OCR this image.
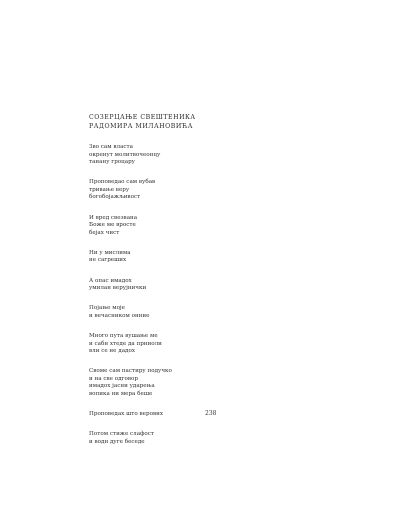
СОЗЕРЦАЊЕ СВЕШТЕНИКА
РАДОМИРА МИЛАНОВИЋА
Зво сам власта
окренут молитвочеонцу
танану гроцару
Проповедао сам вубав
тривање веру
богобојажљивост
И вред свезвана
Боже ме вросте
бејах чист
Ни у мислима
не сагреших
А опас имадох
умилан верујнички
Појање моје
и вечасником онние
Много пута вушање ме
и сабн хтеде да прниоли
вли се не дадох
Своме сам пастиру подучко
и на све одговор
имадох јасни ударења
вопика ни мера беше
Проповедах што верових
Потом стиже слафост
и водн дуге беседе
238
